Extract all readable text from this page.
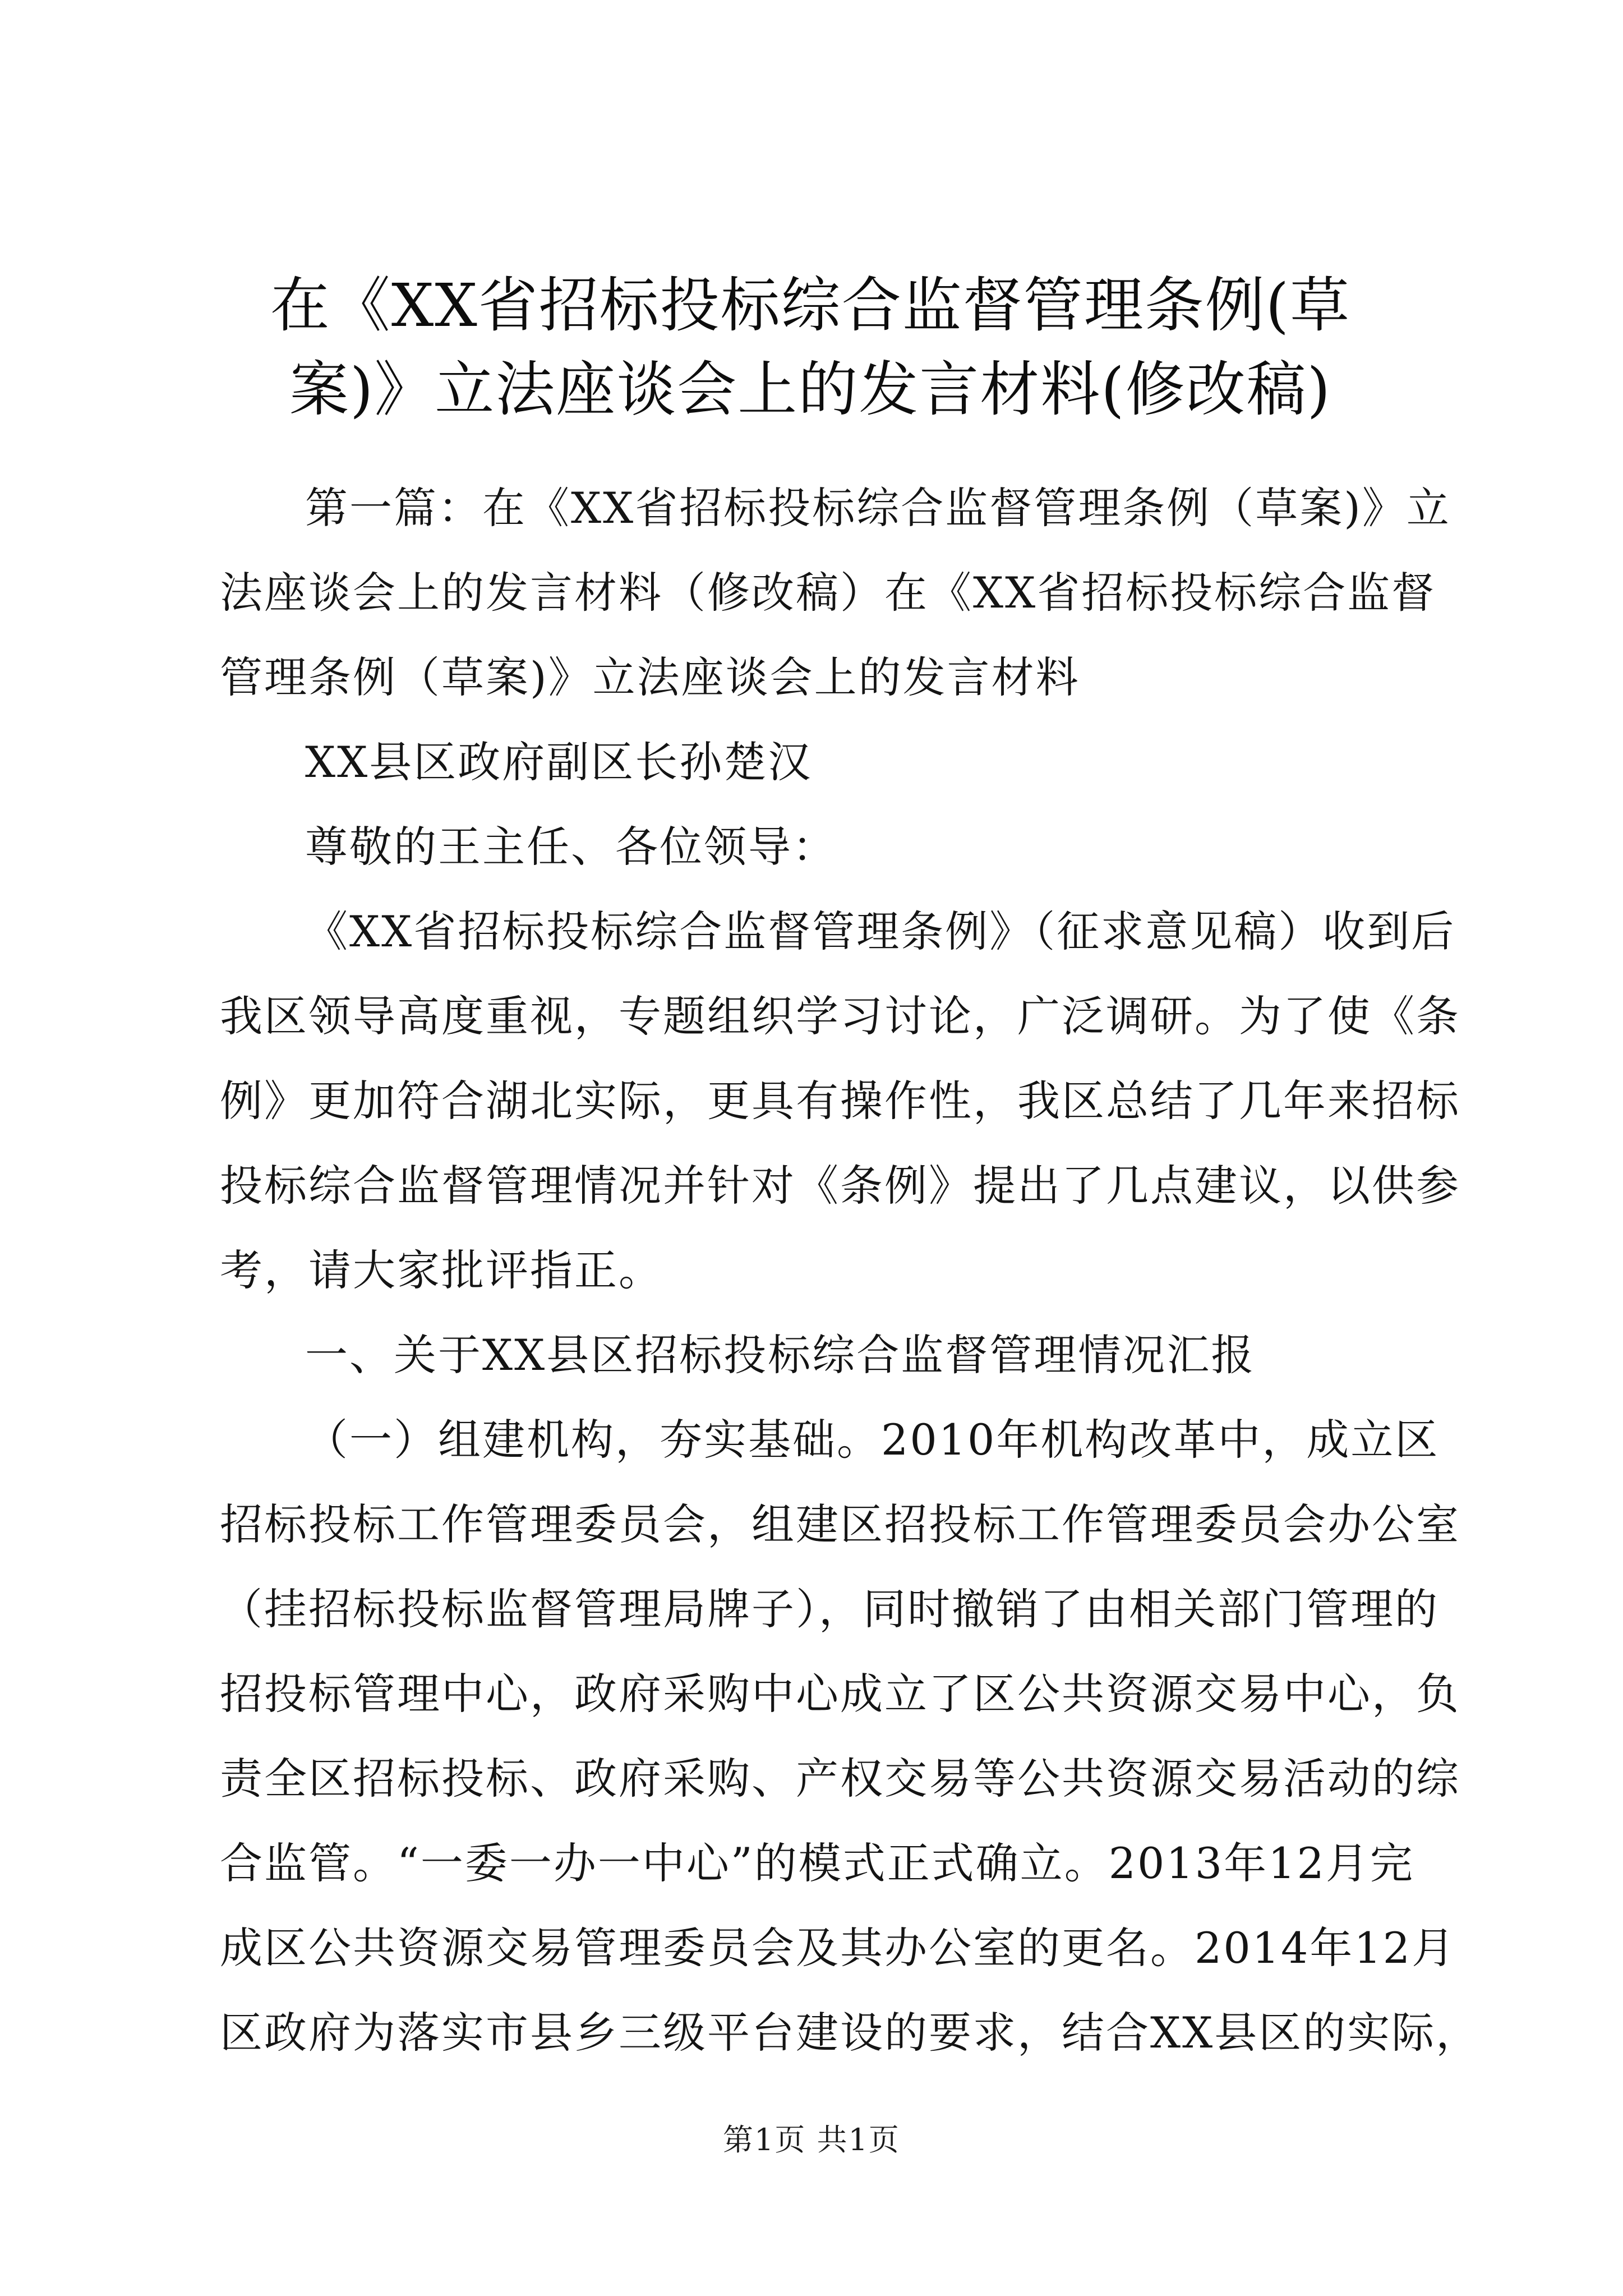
在《XX省招标投标综合监督管理条例(草
案)》立法座谈会上的发言材料(修改稿)
第一篇：在《XX省招标投标综合监督管理条例（草案)》立
法座谈会上的发言材料（修改稿）在《XX省招标投标综合监督
管理条例（草案)》立法座谈会上的发言材料
XX县区政府副区长孙楚汉
尊敬的王主任、各位领导：
《XX省招标投标综合监督管理条例》（征求意见稿）收到后
我区领导高度重视，专题组织学习讨论，广泛调研。为了使《条
例》更加符合湖北实际，更具有操作性，我区总结了几年来招标
投标综合监督管理情况并针对《条例》提出了几点建议，以供参
考，请大家批评指正。
一、关于XX县区招标投标综合监督管理情况汇报
（一）组建机构，夯实基础。2010年机构改革中，成立区
招标投标工作管理委员会，组建区招投标工作管理委员会办公室
（挂招标投标监督管理局牌子），同时撤销了由相关部门管理的
招投标管理中心，政府采购中心成立了区公共资源交易中心，负
责全区招标投标、政府采购、产权交易等公共资源交易活动的综
合监管。“一委一办一中心”的模式正式确立。2013年12月完
成区公共资源交易管理委员会及其办公室的更名。2014年12月
区政府为落实市县乡三级平台建设的要求，结合XX县区的实际，
第1页 共1页
